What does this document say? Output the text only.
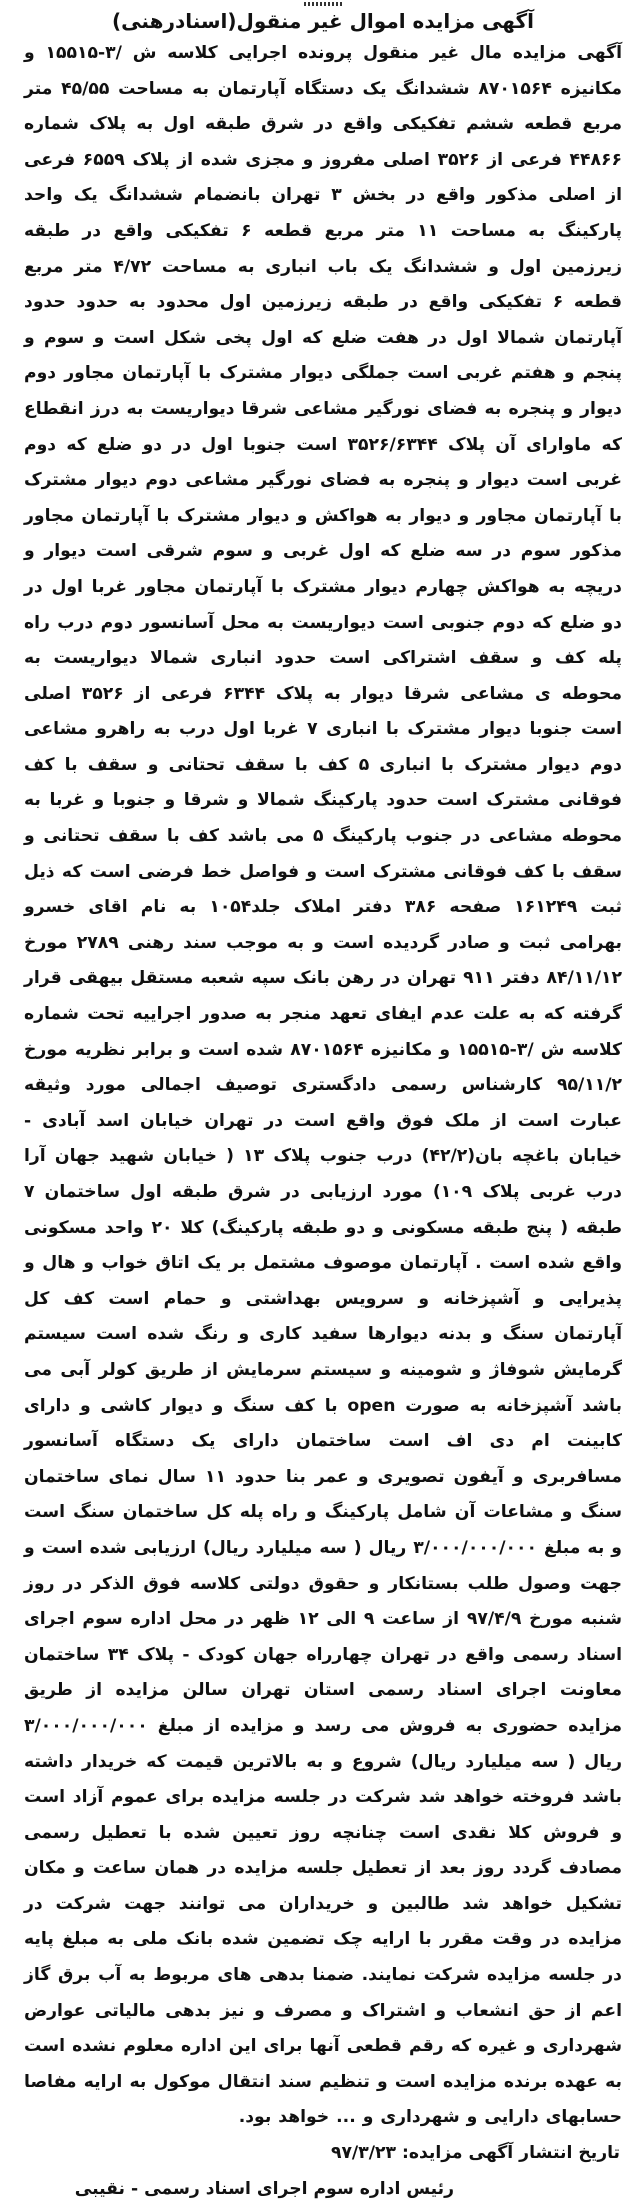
آگهی مزایده اموال غیر منقول(اسنادرهنی)

آگهی مزایده مال غیر منقول پرونده اجرایی کلاسه ش /۳-۱۵۵۱۵ و مکانیزه ۸۷۰۱۵۶۴ ششدانگ یک دستگاه آپارتمان به مساحت ۴۵/۵۵ متر مربع قطعه ششم تفکیکی واقع در شرق طبقه اول به پلاک شماره ۴۴۸۶۶ فرعی از ۳۵۲۶ اصلی مفروز و مجزی شده از پلاک ۶۵۵۹ فرعی از اصلی مذکور واقع در بخش ۳ تهران بانضمام ششدانگ یک واحد پارکینگ به مساحت ۱۱ متر مربع قطعه ۶ تفکیکی واقع در طبقه زیرزمین اول و ششدانگ یک باب انباری به مساحت ۴/۷۲ متر مربع قطعه ۶ تفکیکی واقع در طبقه زیرزمین اول محدود به حدود حدود آپارتمان شمالا اول در هفت ضلع که اول پخی شکل است و سوم و پنجم و هفتم غربی است جملگی دیوار مشترک با آپارتمان مجاور دوم دیوار و پنجره به فضای نورگیر مشاعی شرقا دیواریست به درز انقطاع که ماوارای آن پلاک ۳۵۲۶/۶۳۴۴ است جنوبا اول در دو ضلع که دوم غربی است دیوار و پنجره به فضای نورگیر مشاعی دوم دیوار مشترک با آپارتمان مجاور و دیوار به هواکش و دیوار مشترک با آپارتمان مجاور مذکور سوم در سه ضلع که اول غربی و سوم شرقی است دیوار و دریچه به هواکش چهارم دیوار مشترک با آپارتمان مجاور غربا اول در دو ضلع که دوم جنوبی است دیواریست به محل آسانسور دوم درب راه پله کف و سقف اشتراکی است حدود انباری شمالا دیواریست به محوطه ی مشاعی شرقا دیوار به پلاک ۶۳۴۴ فرعی از ۳۵۲۶ اصلی است جنوبا دیوار مشترک با انباری ۷ غربا اول درب به راهرو مشاعی دوم دیوار مشترک با انباری ۵ کف با سقف تحتانی و سقف با کف فوقانی مشترک است حدود پارکینگ شمالا و شرقا و جنوبا و غربا به محوطه مشاعی در جنوب پارکینگ ۵ می باشد کف با سقف تحتانی و سقف با کف فوقانی مشترک است و فواصل خط فرضی است که ذیل ثبت ۱۶۱۲۴۹ صفحه ۳۸۶ دفتر املاک جلد۱۰۵۴ به نام اقای خسرو بهرامی ثبت و صادر گردیده است و به موجب سند رهنی ۲۷۸۹ مورخ ۸۴/۱۱/۱۲ دفتر ۹۱۱ تهران در رهن بانک سپه شعبه مستقل بیهقی قرار گرفته که به علت عدم ایفای تعهد منجر به صدور اجراییه تحت شماره کلاسه ش /۳-۱۵۵۱۵ و مکانیزه ۸۷۰۱۵۶۴ شده است و برابر نظریه مورخ ۹۵/۱۱/۲ کارشناس رسمی دادگستری توصیف اجمالی مورد وثیقه عبارت است از ملک فوق واقع است در تهران خیابان اسد آبادی - خیابان باغچه بان(۴۲/۲) درب جنوب پلاک ۱۳ ( خیابان شهید جهان آرا درب غربی پلاک ۱۰۹) مورد ارزیابی در شرق طبقه اول ساختمان ۷ طبقه ( پنج طبقه مسکونی و دو طبقه پارکینگ) کلا ۲۰ واحد مسکونی واقع شده است . آپارتمان موصوف مشتمل بر یک اتاق خواب و هال و پذیرایی و آشپزخانه و سرویس بهداشتی و حمام است کف کل آپارتمان سنگ و بدنه دیوارها سفید کاری و رنگ شده است سیستم گرمایش شوفاژ و شومینه و سیستم سرمایش از طریق کولر آبی می باشد آشپزخانه به صورت open با کف سنگ و دیوار کاشی و دارای کابینت ام دی اف است ساختمان دارای یک دستگاه آسانسور مسافربری و آیفون تصویری و عمر بنا حدود ۱۱ سال نمای ساختمان سنگ و مشاعات آن شامل پارکینگ و راه پله کل ساختمان سنگ است و به مبلغ ۳/۰۰۰/۰۰۰/۰۰۰ ریال ( سه میلیارد ریال) ارزیابی شده است و جهت وصول طلب بستانکار و حقوق دولتی کلاسه فوق الذکر در روز شنبه مورخ ۹۷/۴/۹ از ساعت ۹ الی ۱۲ ظهر در محل اداره سوم اجرای اسناد رسمی واقع در تهران چهارراه جهان کودک - پلاک ۳۴ ساختمان معاونت اجرای اسناد رسمی استان تهران سالن مزایده از طریق مزایده حضوری به فروش می رسد و مزایده از مبلغ ۳/۰۰۰/۰۰۰/۰۰۰ ریال ( سه میلیارد ریال) شروع و به بالاترین قیمت که خریدار داشته باشد فروخته خواهد شد شرکت در جلسه مزایده برای عموم آزاد است و فروش کلا نقدی است چنانچه روز تعیین شده با تعطیل رسمی مصادف گردد روز بعد از تعطیل جلسه مزایده در همان ساعت و مکان تشکیل خواهد شد طالبین و خریداران می توانند جهت شرکت در مزایده در وقت مقرر با ارایه چک تضمین شده بانک ملی به مبلغ پایه در جلسه مزایده شرکت نمایند. ضمنا بدهی های مربوط به آب برق گاز اعم از حق انشعاب و اشتراک و مصرف و نیز بدهی مالیاتی عوارض شهرداری و غیره که رقم قطعی آنها برای این اداره معلوم نشده است به عهده برنده مزایده است و تنظیم سند انتقال موکول به ارایه مفاصا حسابهای دارایی و شهرداری و ... خواهد بود.

تاریخ انتشار آگهی مزایده: ۹۷/۳/۲۳

رئیس اداره سوم اجرای اسناد رسمی - نقیبی
